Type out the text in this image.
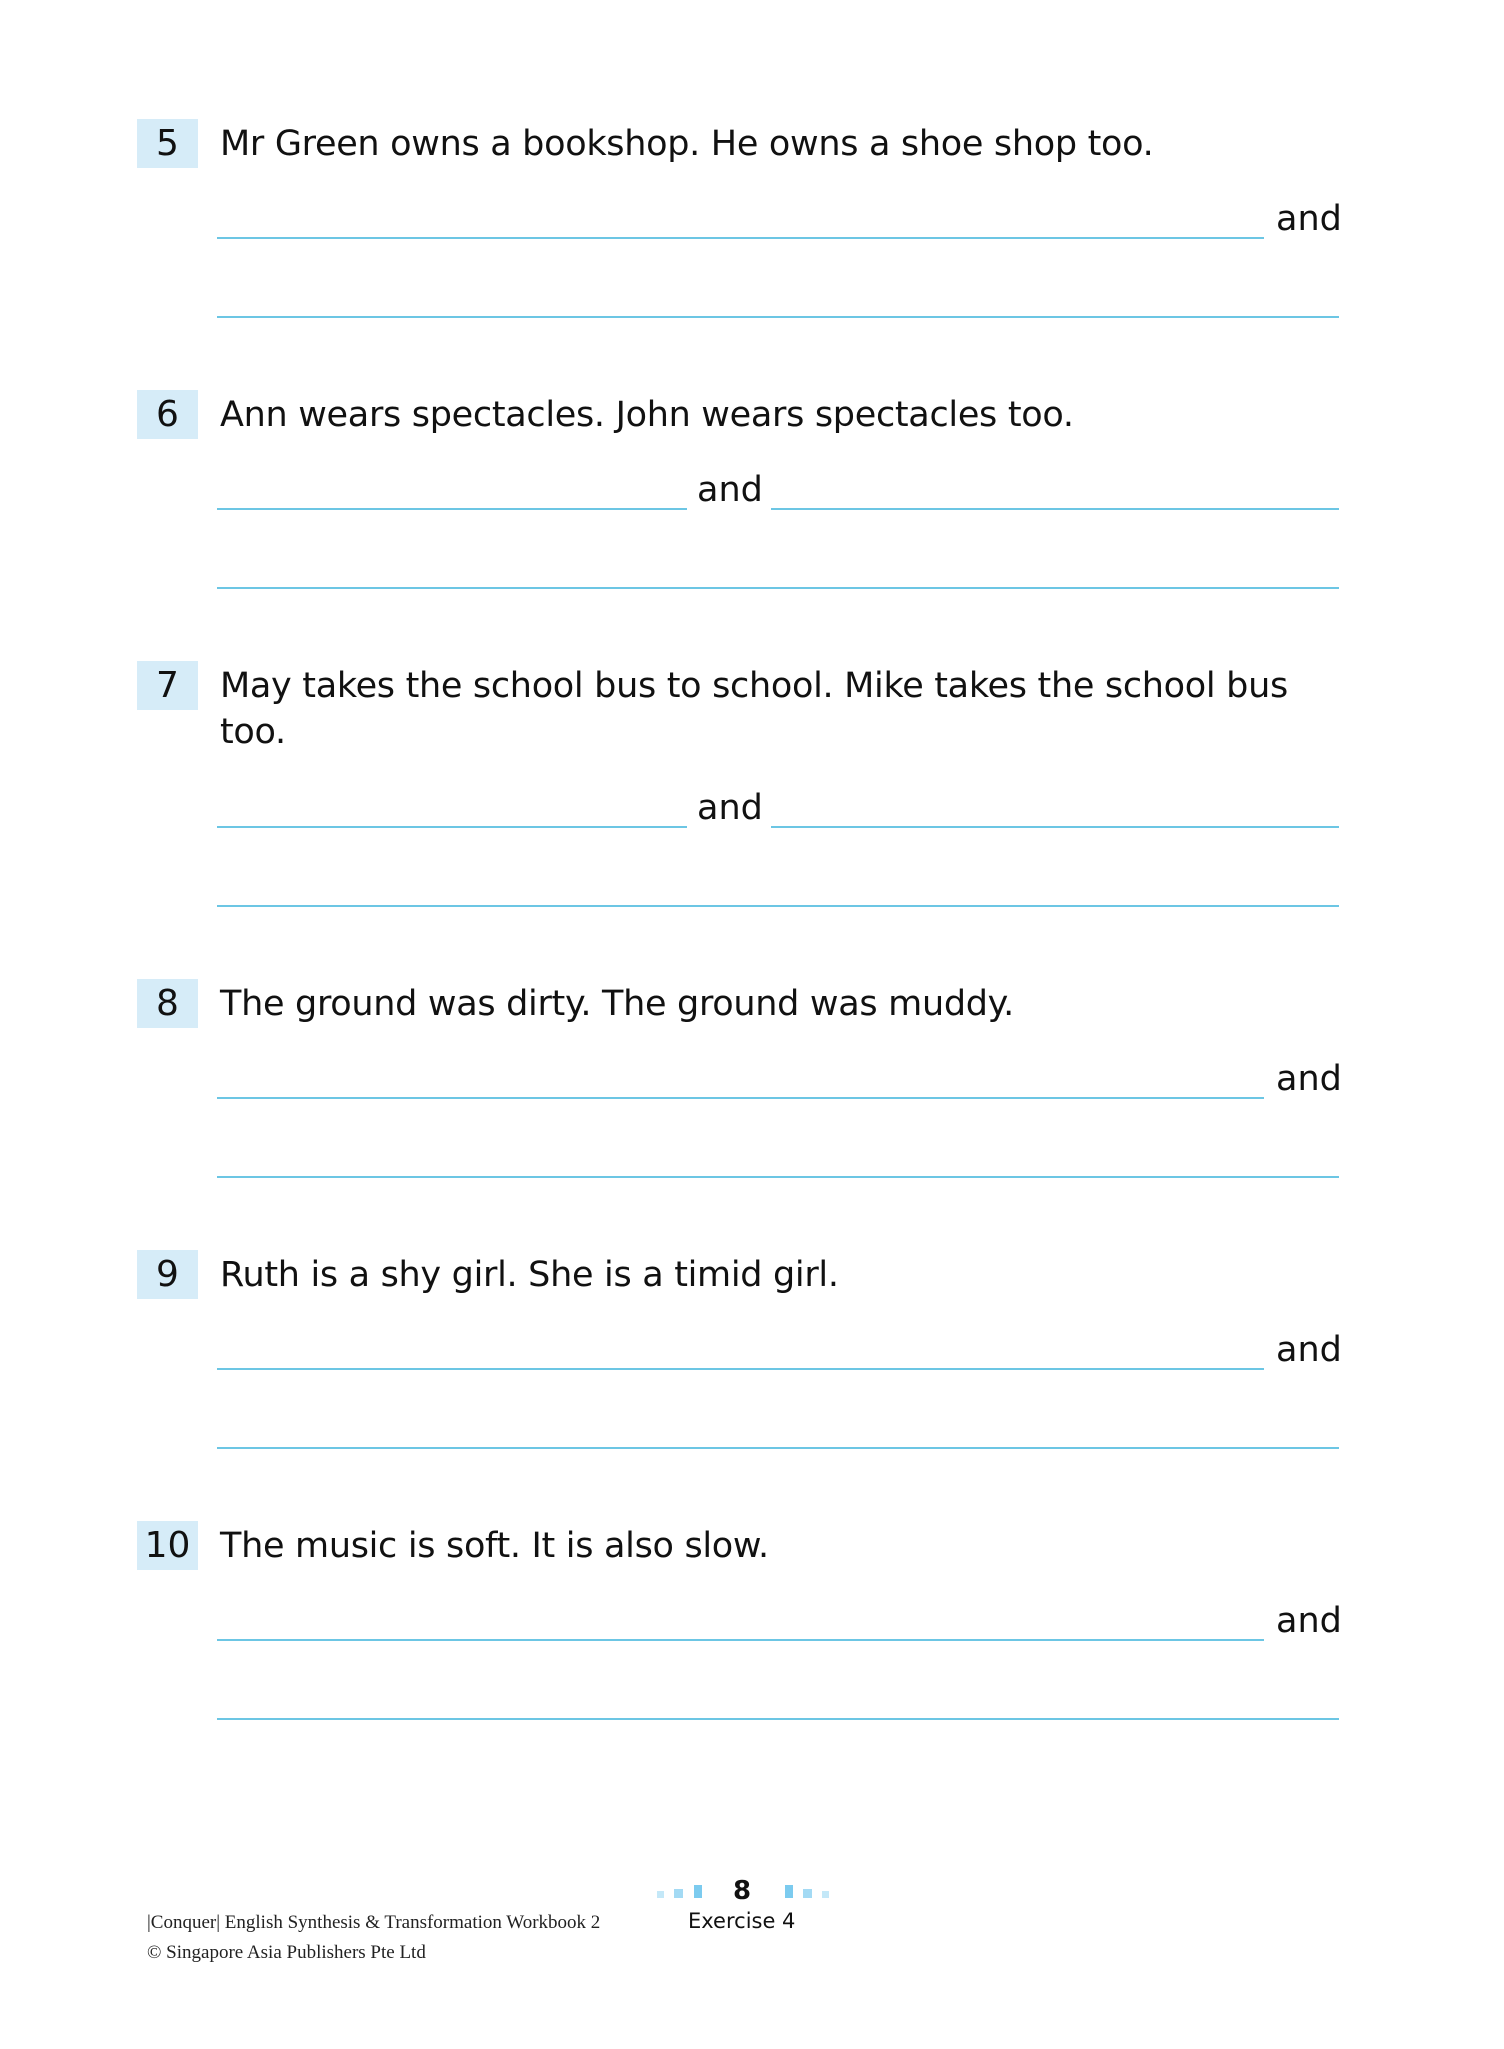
5	Mr Green owns a bookshop. He owns a shoe shop too.
and
6	Ann wears spectacles. John wears spectacles too.
and
7	May takes the school bus to school. Mike takes the school bus too.
and
8	The ground was dirty. The ground was muddy.
and
9	Ruth is a shy girl. She is a timid girl.
and
10 The music is soft. It is also slow.
and
|Conquer| English Synthesis & Transformation Workbook 2
© Singapore Asia Publishers Pte Ltd
8
Exercise 4
